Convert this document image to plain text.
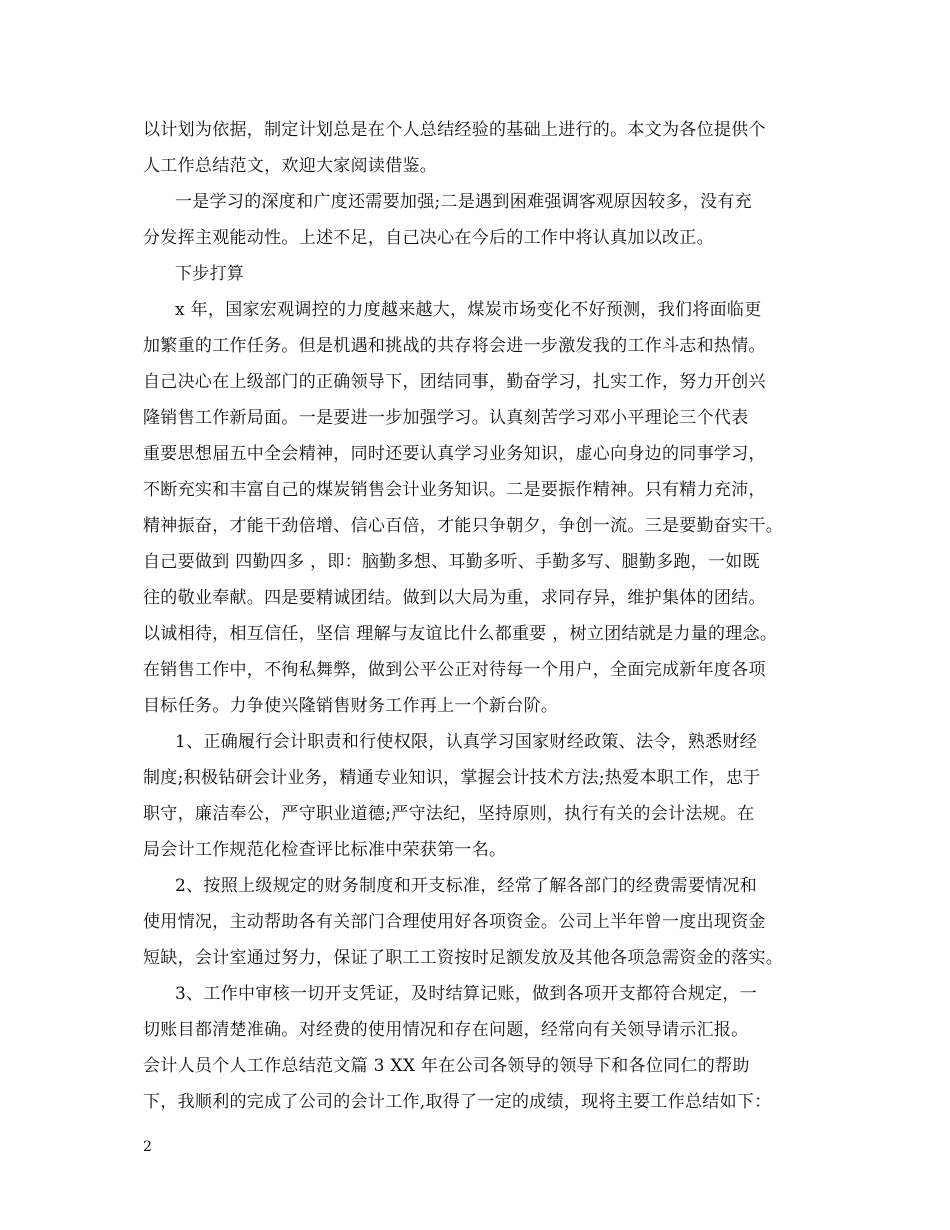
以计划为依据，制定计划总是在个人总结经验的基础上进行的。本文为各位提供个
人工作总结范文，欢迎大家阅读借鉴。
一是学习的深度和广度还需要加强;二是遇到困难强调客观原因较多，没有充
分发挥主观能动性。上述不足，自己决心在今后的工作中将认真加以改正。
下步打算
x 年，国家宏观调控的力度越来越大，煤炭市场变化不好预测，我们将面临更
加繁重的工作任务。但是机遇和挑战的共存将会进一步激发我的工作斗志和热情。
自己决心在上级部门的正确领导下，团结同事，勤奋学习，扎实工作，努力开创兴
隆销售工作新局面。一是要进一步加强学习。认真刻苦学习邓小平理论三个代表
重要思想届五中全会精神，同时还要认真学习业务知识，虚心向身边的同事学习，
不断充实和丰富自己的煤炭销售会计业务知识。二是要振作精神。只有精力充沛，
精神振奋，才能干劲倍增、信心百倍，才能只争朝夕，争创一流。三是要勤奋实干。
自己要做到 四勤四多 ，即：脑勤多想、耳勤多听、手勤多写、腿勤多跑，一如既
往的敬业奉献。四是要精诚团结。做到以大局为重，求同存异，维护集体的团结。
以诚相待，相互信任，坚信 理解与友谊比什么都重要 ，树立团结就是力量的理念。
在销售工作中，不徇私舞弊，做到公平公正对待每一个用户，全面完成新年度各项
目标任务。力争使兴隆销售财务工作再上一个新台阶。
1、正确履行会计职责和行使权限，认真学习国家财经政策、法令，熟悉财经
制度;积极钻研会计业务，精通专业知识，掌握会计技术方法;热爱本职工作，忠于
职守，廉洁奉公，严守职业道德;严守法纪，坚持原则，执行有关的会计法规。在
局会计工作规范化检查评比标准中荣获第一名。
2、按照上级规定的财务制度和开支标准，经常了解各部门的经费需要情况和
使用情况，主动帮助各有关部门合理使用好各项资金。公司上半年曾一度出现资金
短缺，会计室通过努力，保证了职工工资按时足额发放及其他各项急需资金的落实。
3、工作中审核一切开支凭证，及时结算记账，做到各项开支都符合规定，一
切账目都清楚准确。对经费的使用情况和存在问题，经常向有关领导请示汇报。
会计人员个人工作总结范文篇 3 XX 年在公司各领导的领导下和各位同仁的帮助
下，我顺利的完成了公司的会计工作,取得了一定的成绩，现将主要工作总结如下：
2
